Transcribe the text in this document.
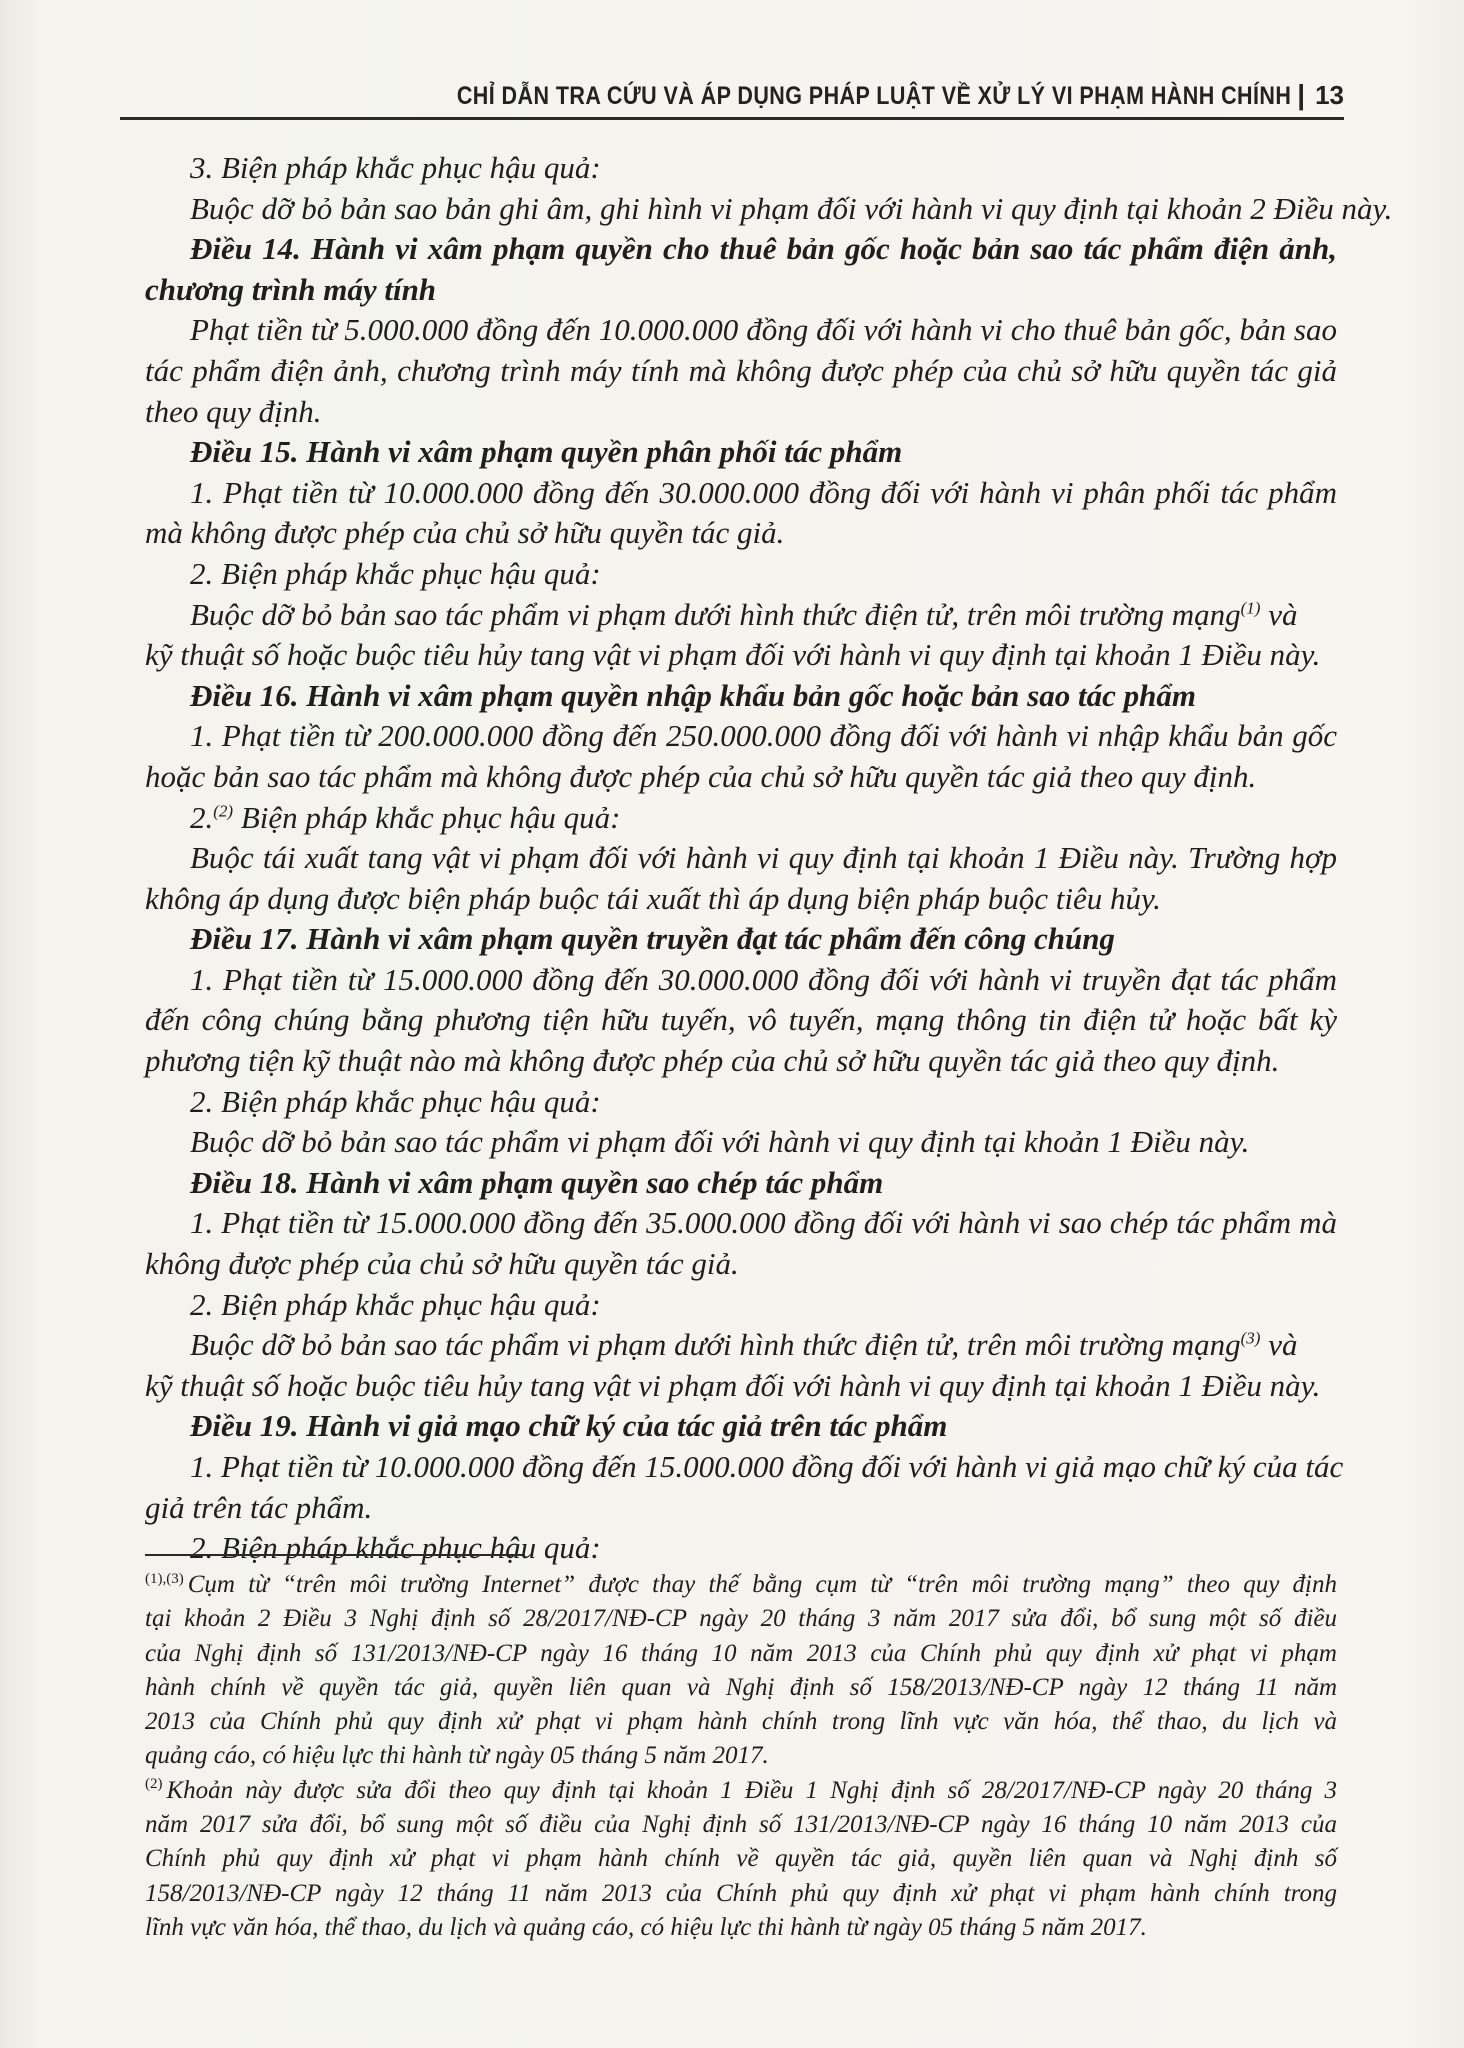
CHỈ DẪN TRA CỨU VÀ ÁP DỤNG PHÁP LUẬT VỀ XỬ LÝ VI PHẠM HÀNH CHÍNH | 13
3. Biện pháp khắc phục hậu quả:
Buộc dỡ bỏ bản sao bản ghi âm, ghi hình vi phạm đối với hành vi quy định tại khoản 2 Điều này.
Điều 14. Hành vi xâm phạm quyền cho thuê bản gốc hoặc bản sao tác phẩm điện ảnh,
chương trình máy tính
Phạt tiền từ 5.000.000 đồng đến 10.000.000 đồng đối với hành vi cho thuê bản gốc, bản sao
tác phẩm điện ảnh, chương trình máy tính mà không được phép của chủ sở hữu quyền tác giả
theo quy định.
Điều 15. Hành vi xâm phạm quyền phân phối tác phẩm
1. Phạt tiền từ 10.000.000 đồng đến 30.000.000 đồng đối với hành vi phân phối tác phẩm
mà không được phép của chủ sở hữu quyền tác giả.
2. Biện pháp khắc phục hậu quả:
Buộc dỡ bỏ bản sao tác phẩm vi phạm dưới hình thức điện tử, trên môi trường mạng$^{(1)}$ và
kỹ thuật số hoặc buộc tiêu hủy tang vật vi phạm đối với hành vi quy định tại khoản 1 Điều này.
Điều 16. Hành vi xâm phạm quyền nhập khẩu bản gốc hoặc bản sao tác phẩm
1. Phạt tiền từ 200.000.000 đồng đến 250.000.000 đồng đối với hành vi nhập khẩu bản gốc
hoặc bản sao tác phẩm mà không được phép của chủ sở hữu quyền tác giả theo quy định.
2.$^{(2)}$ Biện pháp khắc phục hậu quả:
Buộc tái xuất tang vật vi phạm đối với hành vi quy định tại khoản 1 Điều này. Trường hợp
không áp dụng được biện pháp buộc tái xuất thì áp dụng biện pháp buộc tiêu hủy.
Điều 17. Hành vi xâm phạm quyền truyền đạt tác phẩm đến công chúng
1. Phạt tiền từ 15.000.000 đồng đến 30.000.000 đồng đối với hành vi truyền đạt tác phẩm
đến công chúng bằng phương tiện hữu tuyến, vô tuyến, mạng thông tin điện tử hoặc bất kỳ
phương tiện kỹ thuật nào mà không được phép của chủ sở hữu quyền tác giả theo quy định.
2. Biện pháp khắc phục hậu quả:
Buộc dỡ bỏ bản sao tác phẩm vi phạm đối với hành vi quy định tại khoản 1 Điều này.
Điều 18. Hành vi xâm phạm quyền sao chép tác phẩm
1. Phạt tiền từ 15.000.000 đồng đến 35.000.000 đồng đối với hành vi sao chép tác phẩm mà
không được phép của chủ sở hữu quyền tác giả.
2. Biện pháp khắc phục hậu quả:
Buộc dỡ bỏ bản sao tác phẩm vi phạm dưới hình thức điện tử, trên môi trường mạng$^{(3)}$ và
kỹ thuật số hoặc buộc tiêu hủy tang vật vi phạm đối với hành vi quy định tại khoản 1 Điều này.
Điều 19. Hành vi giả mạo chữ ký của tác giả trên tác phẩm
1. Phạt tiền từ 10.000.000 đồng đến 15.000.000 đồng đối với hành vi giả mạo chữ ký của tác
giả trên tác phẩm.
2. Biện pháp khắc phục hậu quả:
$^{(1),(3)}$ Cụm từ “trên môi trường Internet” được thay thế bằng cụm từ “trên môi trường mạng” theo quy định
tại khoản 2 Điều 3 Nghị định số 28/2017/NĐ-CP ngày 20 tháng 3 năm 2017 sửa đổi, bổ sung một số điều
của Nghị định số 131/2013/NĐ-CP ngày 16 tháng 10 năm 2013 của Chính phủ quy định xử phạt vi phạm
hành chính về quyền tác giả, quyền liên quan và Nghị định số 158/2013/NĐ-CP ngày 12 tháng 11 năm
2013 của Chính phủ quy định xử phạt vi phạm hành chính trong lĩnh vực văn hóa, thể thao, du lịch và
quảng cáo, có hiệu lực thi hành từ ngày 05 tháng 5 năm 2017.
$^{(2)}$ Khoản này được sửa đổi theo quy định tại khoản 1 Điều 1 Nghị định số 28/2017/NĐ-CP ngày 20 tháng 3
năm 2017 sửa đổi, bổ sung một số điều của Nghị định số 131/2013/NĐ-CP ngày 16 tháng 10 năm 2013 của
Chính phủ quy định xử phạt vi phạm hành chính về quyền tác giả, quyền liên quan và Nghị định số
158/2013/NĐ-CP ngày 12 tháng 11 năm 2013 của Chính phủ quy định xử phạt vi phạm hành chính trong
lĩnh vực văn hóa, thể thao, du lịch và quảng cáo, có hiệu lực thi hành từ ngày 05 tháng 5 năm 2017.
